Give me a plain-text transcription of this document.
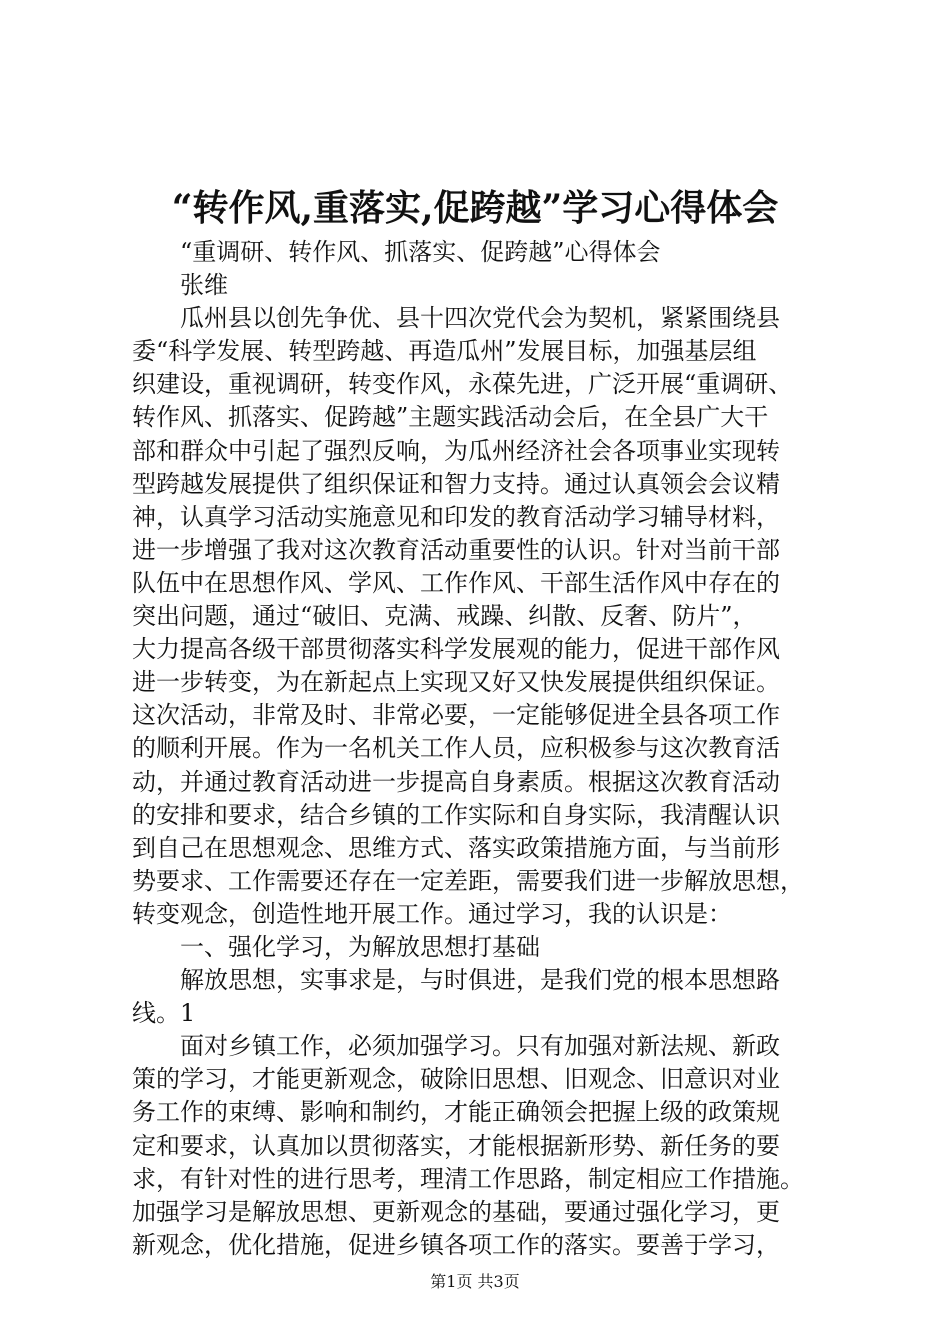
“转作风,重落实,促跨越”学习心得体会
“重调研、转作风、抓落实、促跨越”心得体会
张维
瓜州县以创先争优、县十四次党代会为契机，紧紧围绕县
委“科学发展、转型跨越、再造瓜州”发展目标，加强基层组
织建设，重视调研，转变作风，永葆先进，广泛开展“重调研、
转作风、抓落实、促跨越”主题实践活动会后，在全县广大干
部和群众中引起了强烈反响，为瓜州经济社会各项事业实现转
型跨越发展提供了组织保证和智力支持。通过认真领会会议精
神，认真学习活动实施意见和印发的教育活动学习辅导材料，
进一步增强了我对这次教育活动重要性的认识。针对当前干部
队伍中在思想作风、学风、工作作风、干部生活作风中存在的
突出问题，通过“破旧、克满、戒躁、纠散、反奢、防片”，
大力提高各级干部贯彻落实科学发展观的能力，促进干部作风
进一步转变，为在新起点上实现又好又快发展提供组织保证。
这次活动，非常及时、非常必要，一定能够促进全县各项工作
的顺利开展。作为一名机关工作人员，应积极参与这次教育活
动，并通过教育活动进一步提高自身素质。根据这次教育活动
的安排和要求，结合乡镇的工作实际和自身实际，我清醒认识
到自己在思想观念、思维方式、落实政策措施方面，与当前形
势要求、工作需要还存在一定差距，需要我们进一步解放思想，
转变观念，创造性地开展工作。通过学习，我的认识是：
一、强化学习，为解放思想打基础
解放思想，实事求是，与时俱进，是我们党的根本思想路
线。1
面对乡镇工作，必须加强学习。只有加强对新法规、新政
策的学习，才能更新观念，破除旧思想、旧观念、旧意识对业
务工作的束缚、影响和制约，才能正确领会把握上级的政策规
定和要求，认真加以贯彻落实，才能根据新形势、新任务的要
求，有针对性的进行思考，理清工作思路，制定相应工作措施。
加强学习是解放思想、更新观念的基础，要通过强化学习，更
新观念，优化措施，促进乡镇各项工作的落实。要善于学习，
第1页 共3页
